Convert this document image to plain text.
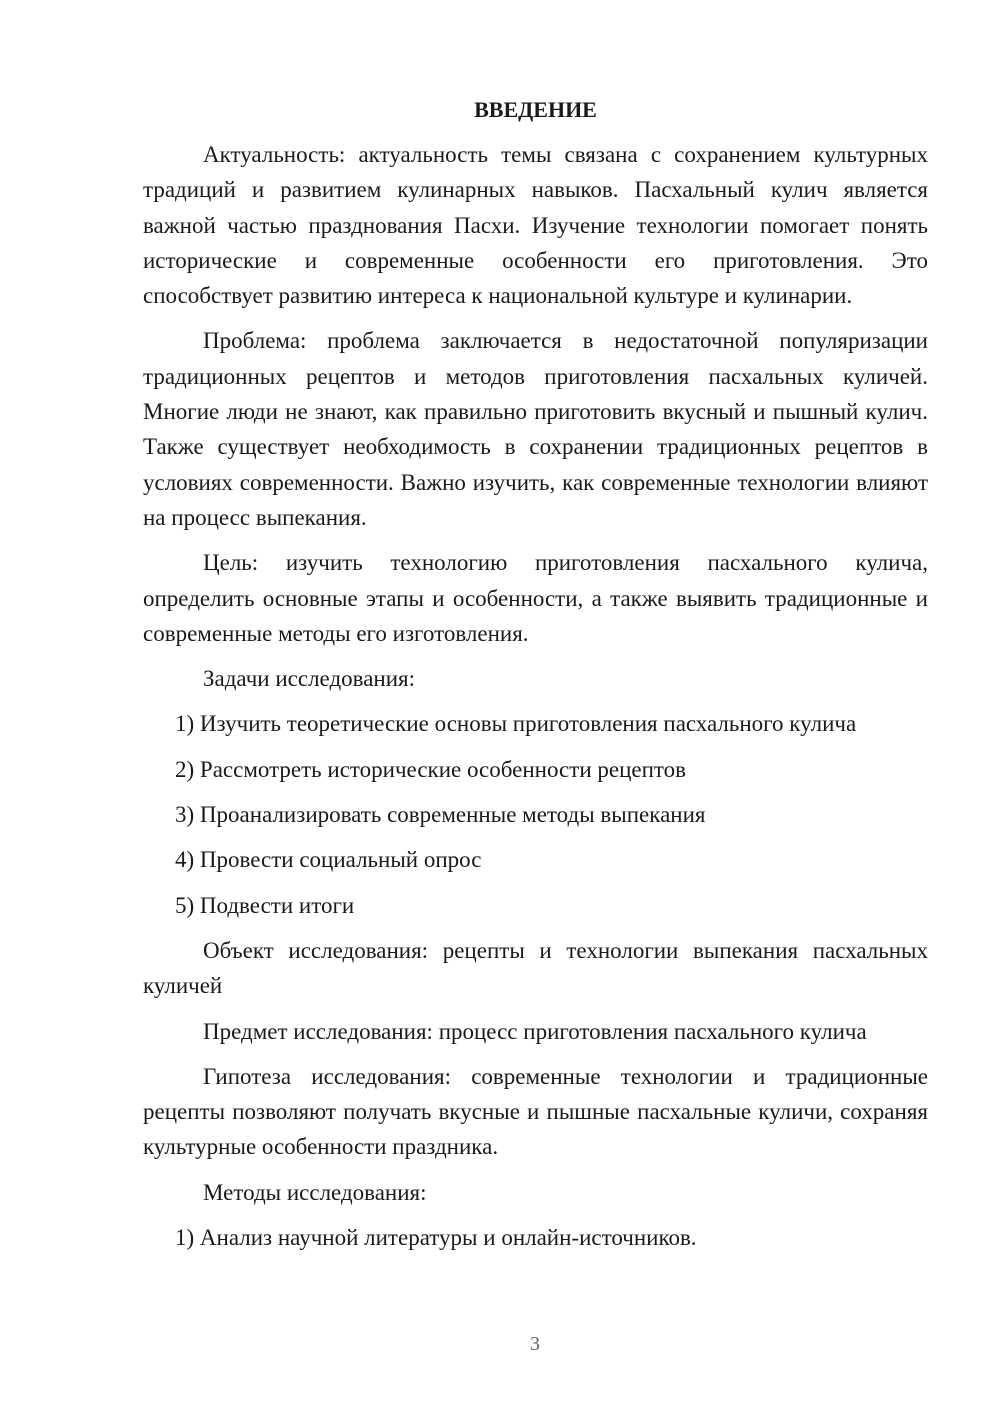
ВВЕДЕНИЕ

Актуальность: актуальность темы связана с сохранением культурных традиций и развитием кулинарных навыков. Пасхальный кулич является важной частью празднования Пасхи. Изучение технологии помогает понять исторические и современные особенности его приготовления. Это способствует развитию интереса к национальной культуре и кулинарии.

Проблема: проблема заключается в недостаточной популяризации традиционных рецептов и методов приготовления пасхальных куличей. Многие люди не знают, как правильно приготовить вкусный и пышный кулич. Также существует необходимость в сохранении традиционных рецептов в условиях современности. Важно изучить, как современные технологии влияют на процесс выпекания.

Цель: изучить технологию приготовления пасхального кулича, определить основные этапы и особенности, а также выявить традиционные и современные методы его изготовления.

Задачи исследования:

1) Изучить теоретические основы приготовления пасхального кулича

2) Рассмотреть исторические особенности рецептов

3) Проанализировать современные методы выпекания

4) Провести социальный опрос

5) Подвести итоги

Объект исследования: рецепты и технологии выпекания пасхальных куличей

Предмет исследования: процесс приготовления пасхального кулича

Гипотеза исследования: современные технологии и традиционные рецепты позволяют получать вкусные и пышные пасхальные куличи, сохраняя культурные особенности праздника.

Методы исследования:

1) Анализ научной литературы и онлайн-источников.

3
